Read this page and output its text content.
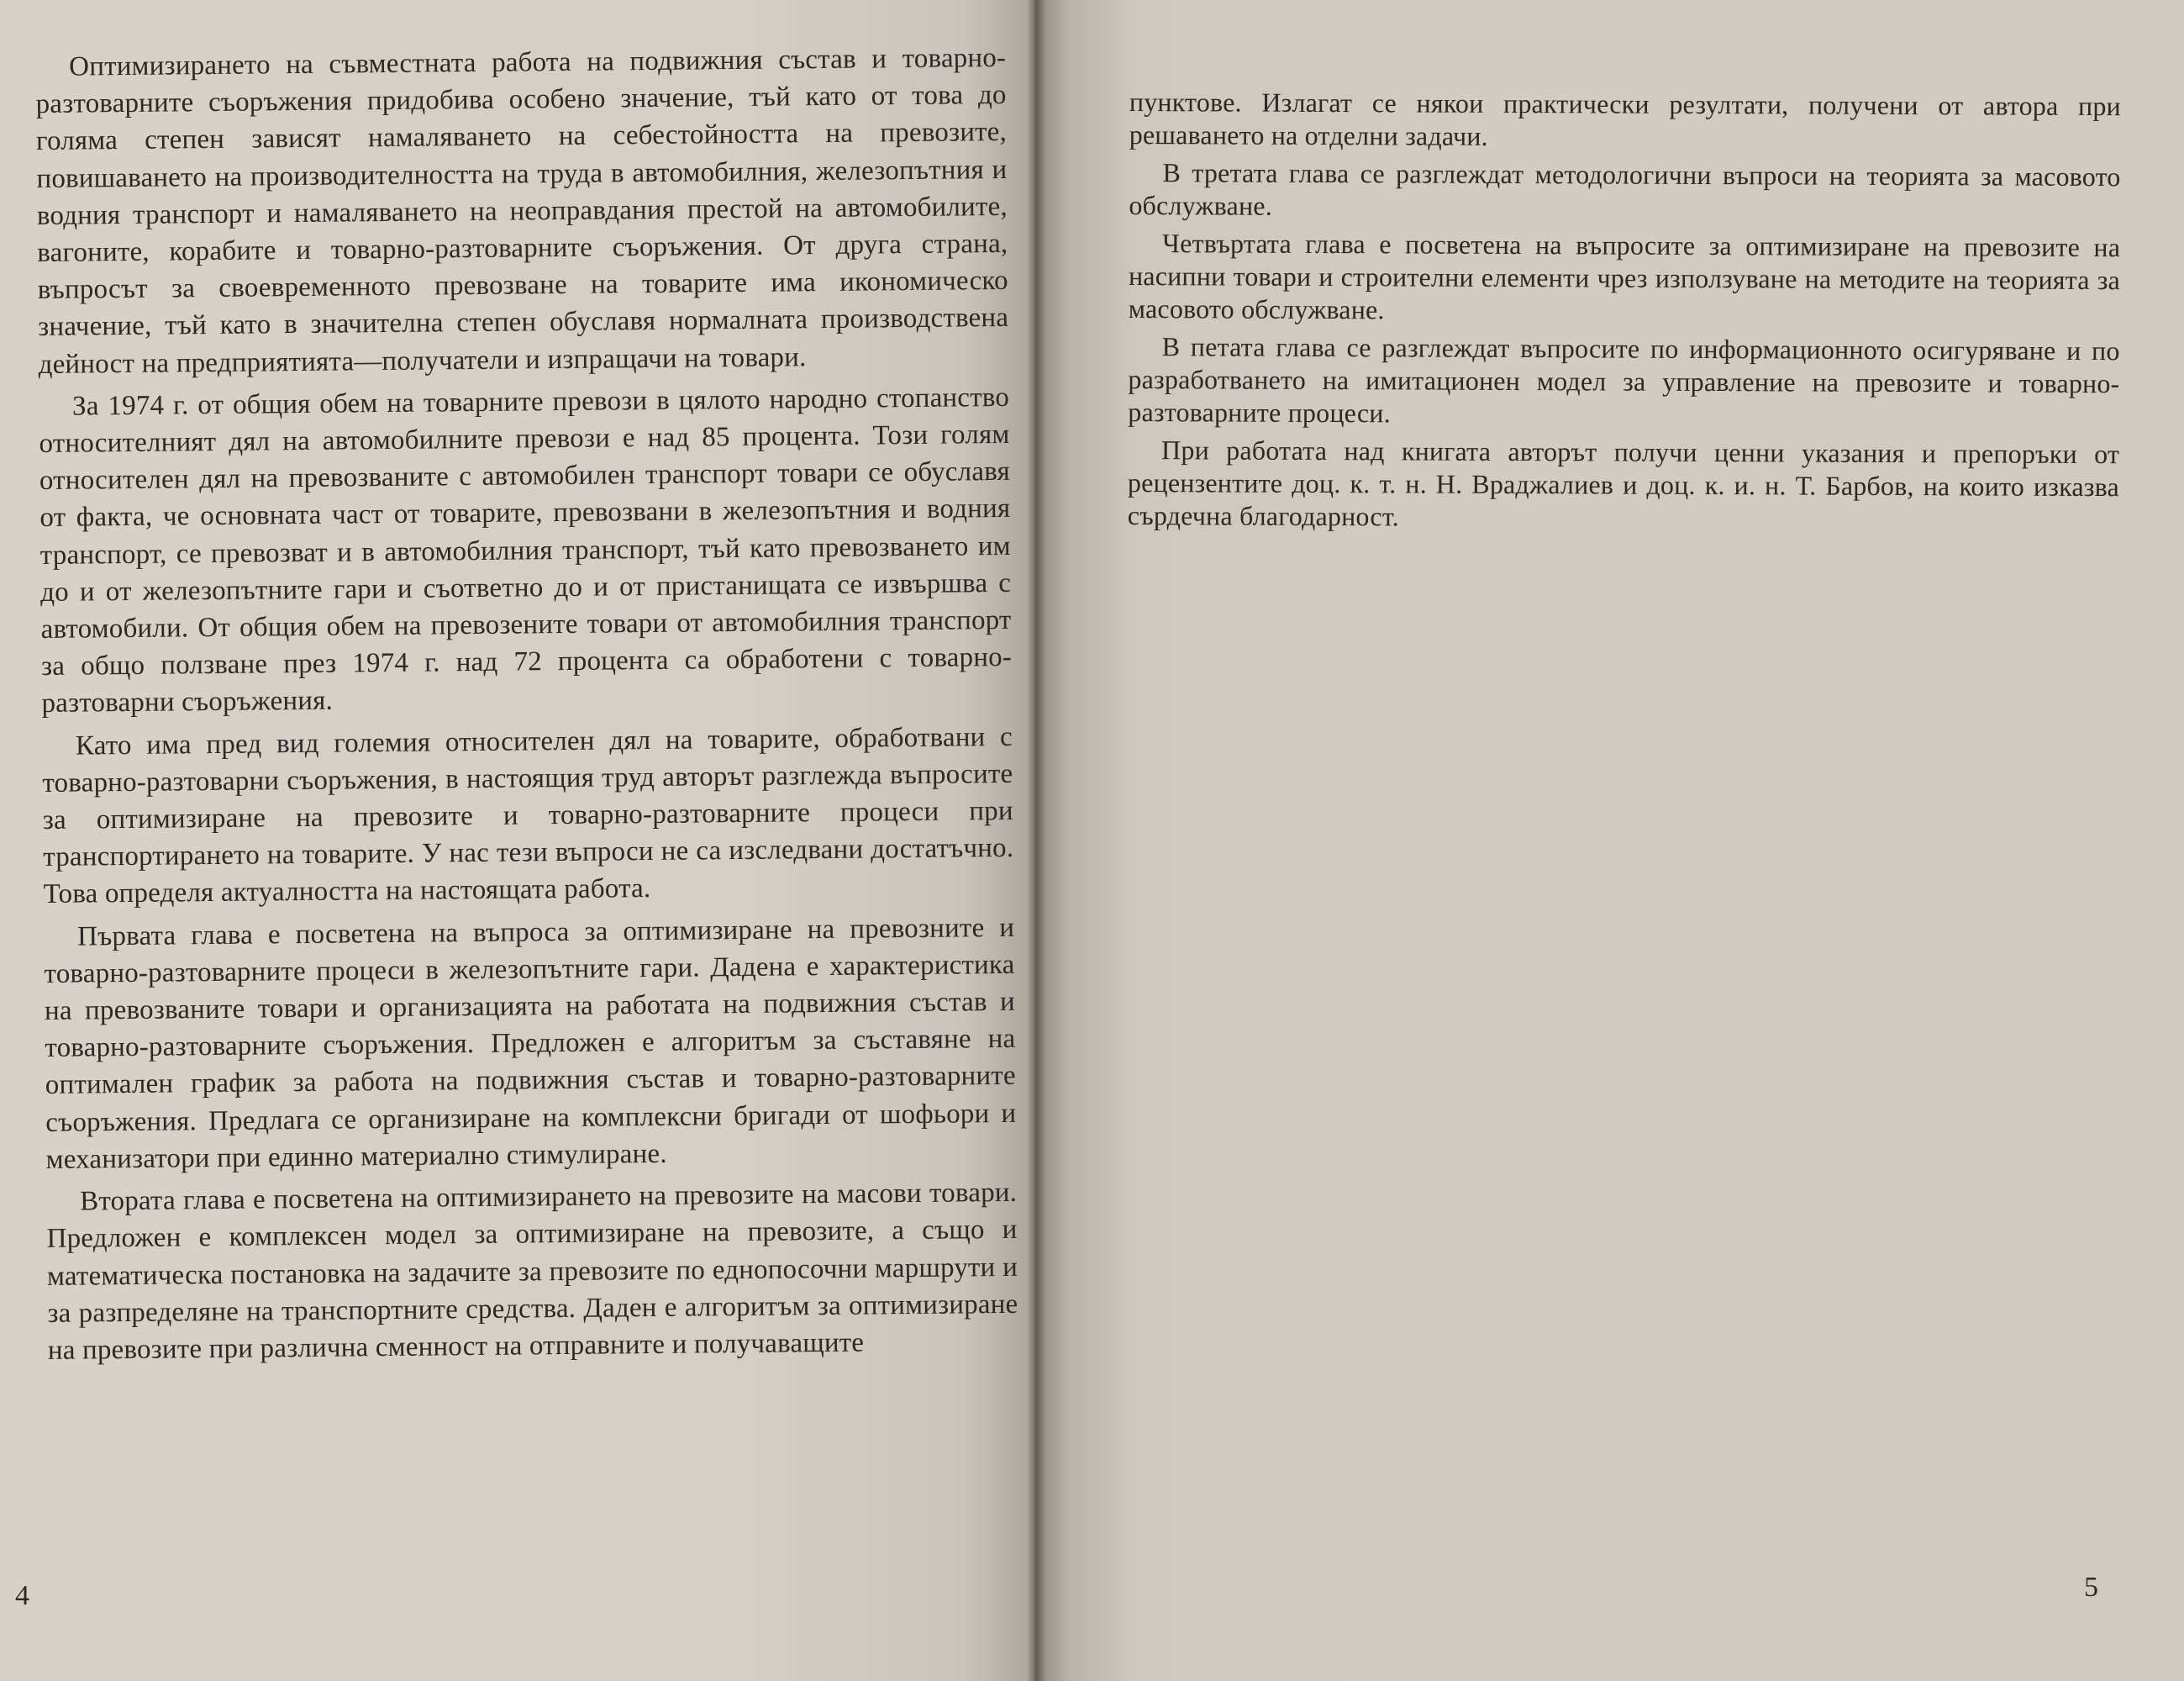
Оптимизирането на съвместната работа на подвижния състав и товарно-разтоварните съоръжения придобива особено значение, тъй като от това до голяма степен зависят намаляването на себестойността на превозите, повишаването на производителността на труда в автомобилния, железопътния и водния транспорт и намаляването на неоправдания престой на автомобилите, вагоните, корабите и товарно-разтоварните съоръжения. От друга страна, въпросът за своевременното превозване на товарите има икономическо значение, тъй като в значителна степен обуславя нормалната производствена дейност на предприятията—получатели и изпращачи на товари.

За 1974 г. от общия обем на товарните превози в цялото народно стопанство относителният дял на автомобилните превози е над 85 процента. Този голям относителен дял на превозваните с автомобилен транспорт товари се обуславя от факта, че основната част от товарите, превозвани в железопътния и водния транспорт, се превозват и в автомобилния транспорт, тъй като превозването им до и от железопътните гари и съответно до и от пристанищата се извършва с автомобили. От общия обем на превозените товари от автомобилния транспорт за общо ползване през 1974 г. над 72 процента са обработени с товарно-разтоварни съоръжения.

Като има пред вид големия относителен дял на товарите, обработвани с товарно-разтоварни съоръжения, в настоящия труд авторът разглежда въпросите за оптимизиране на превозите и товарно-разтоварните процеси при транспортирането на товарите. У нас тези въпроси не са изследвани достатъчно. Това определя актуалността на настоящата работа.

Първата глава е посветена на въпроса за оптимизиране на превозните и товарно-разтоварните процеси в железопътните гари. Дадена е характеристика на превозваните товари и организацията на работата на подвижния състав и товарно-разтоварните съоръжения. Предложен е алгоритъм за съставяне на оптимален график за работа на подвижния състав и товарно-разтоварните съоръжения. Предлага се организиране на комплексни бригади от шофьори и механизатори при единно материално стимулиране.

Втората глава е посветена на оптимизирането на превозите на масови товари. Предложен е комплексен модел за оптимизиране на превозите, а също и математическа постановка на задачите за превозите по еднопосочни маршрути и за разпределяне на транспортните средства. Даден е алгоритъм за оптимизиране на превозите при различна сменност на отправните и получаващите

4

пунктове. Излагат се някои практически резултати, получени от автора при решаването на отделни задачи.

В третата глава се разглеждат методологични въпроси на теорията за масовото обслужване.

Четвъртата глава е посветена на въпросите за оптимизиране на превозите на насипни товари и строителни елементи чрез използуване на методите на теорията за масовото обслужване.

В петата глава се разглеждат въпросите по информационното осигуряване и по разработването на имитационен модел за управление на превозите и товарно-разтоварните процеси.

При работата над книгата авторът получи ценни указания и препоръки от рецензентите доц. к. т. н. Н. Враджалиев и доц. к. и. н. Т. Барбов, на които изказва сърдечна благодарност.

5
